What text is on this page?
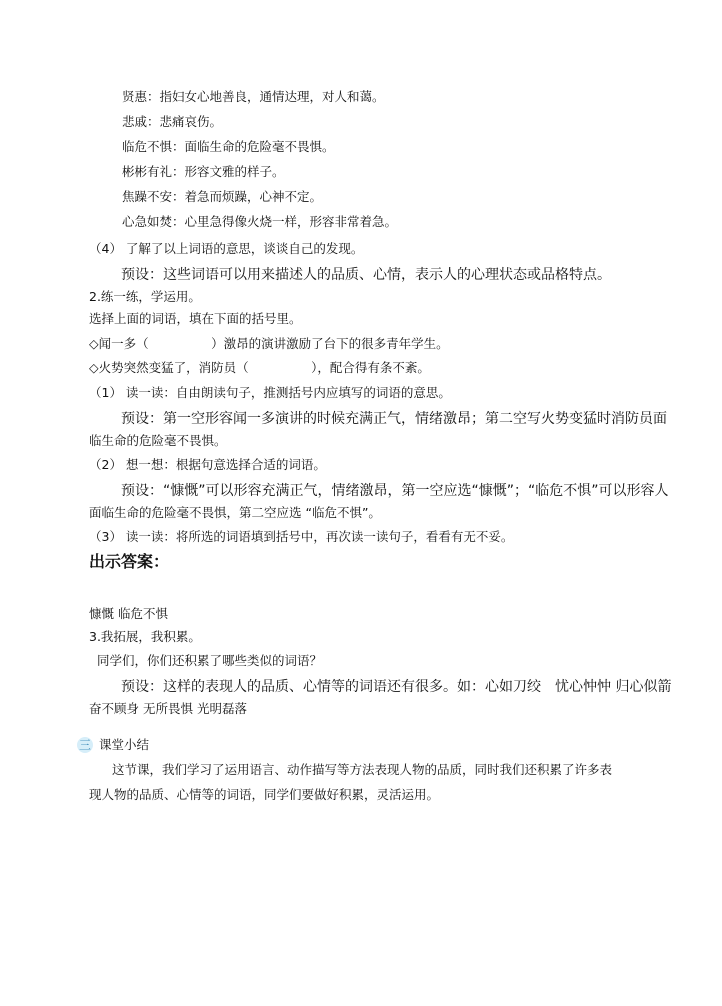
贤惠：指妇女心地善良，通情达理，对人和蔼。
悲戚：悲痛哀伤。
临危不惧：面临生命的危险毫不畏惧。
彬彬有礼：形容文雅的样子。
焦躁不安：着急而烦躁，心神不定。
心急如焚：心里急得像火烧一样，形容非常着急。
（4） 了解了以上词语的意思，谈谈自己的发现。
预设：这些词语可以用来描述人的品质、心情，表示人的心理状态或品格特点。
2.练一练，学运用。
选择上面的词语，填在下面的括号里。
◇闻一多（　　　　　）激昂的演讲激励了台下的很多青年学生。
◇火势突然变猛了，消防员（　　　　　），配合得有条不紊。
（1） 读一读：自由朗读句子，推测括号内应填写的词语的意思。
预设：第一空形容闻一多演讲的时候充满正气，情绪激昂；第二空写火势变猛时消防员面
临生命的危险毫不畏惧。
（2） 想一想：根据句意选择合适的词语。
预设：“慷慨”可以形容充满正气，情绪激昂，第一空应选“慷慨”；“临危不惧”可以形容人
面临生命的危险毫不畏惧，第二空应选 “临危不惧”。
（3） 读一读：将所选的词语填到括号中，再次读一读句子，看看有无不妥。
出示答案：
慷慨 临危不惧
3.我拓展，我积累。
同学们，你们还积累了哪些类似的词语？
预设：这样的表现人的品质、心情等的词语还有很多。如：心如刀绞　忧心忡忡 归心似箭
奋不顾身 无所畏惧 光明磊落
三 课堂小结
这节课，我们学习了运用语言、动作描写等方法表现人物的品质，同时我们还积累了许多表
现人物的品质、心情等的词语，同学们要做好积累，灵活运用。
